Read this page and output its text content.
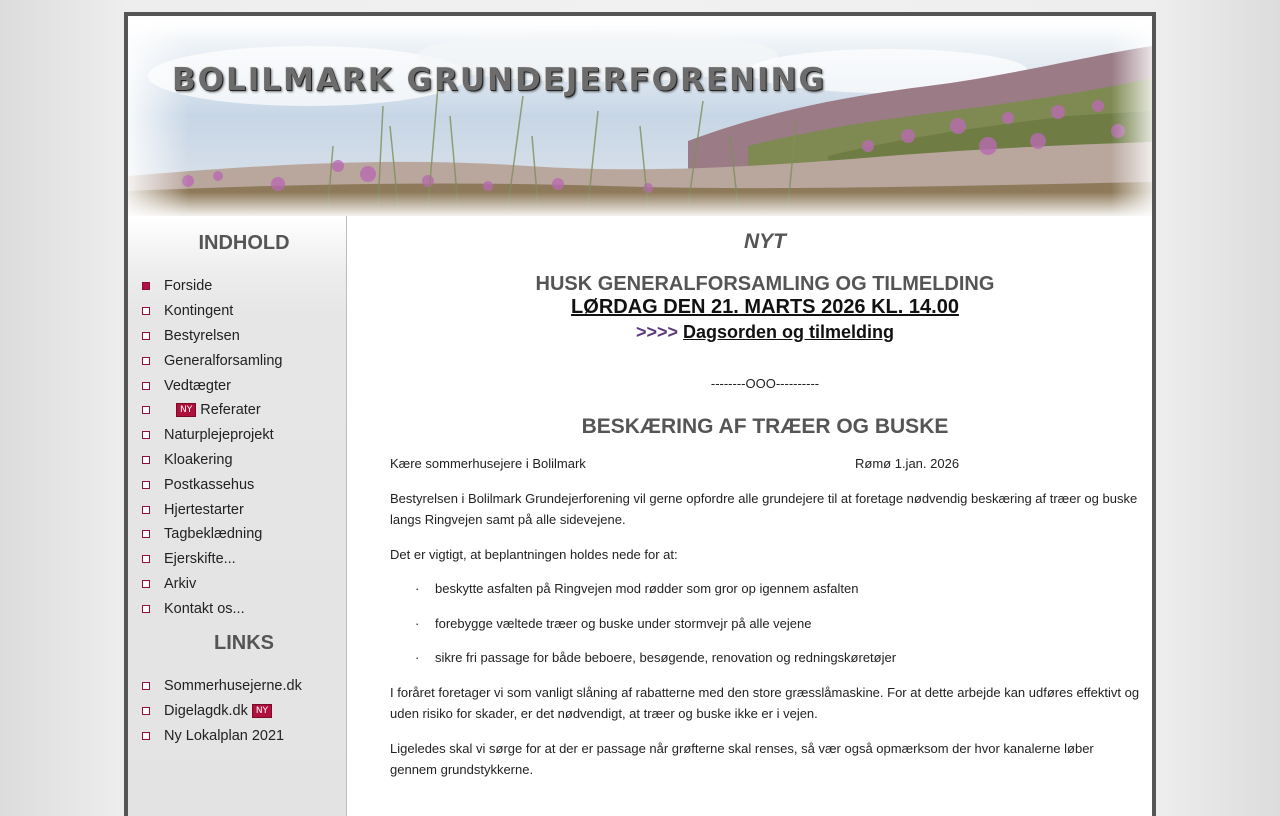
BOLILMARK GRUNDEJERFORENING
INDHOLD
Forside
Kontingent
Bestyrelsen
Generalforsamling
Vedtægter
NY Referater
Naturplejeprojekt
Kloakering
Postkassehus
Hjertestarter
Tagbeklædning
Ejerskifte...
Arkiv
Kontakt os...
LINKS
Sommerhusejerne.dk
Digelagdk.dk NY
Ny Lokalplan 2021
NYT
HUSK GENERALFORSAMLING OG TILMELDING
LØRDAG DEN 21. MARTS 2026 KL. 14.00
>>>> Dagsorden og tilmelding
--------OOO----------
BESKÆRING AF TRÆER OG BUSKE
Kære sommerhusejere i Bolilmark	Rømø 1.jan. 2026

Bestyrelsen i Bolilmark Grundejerforening vil gerne opfordre alle grundejere til at foretage nødvendig beskæring af træer og buske langs Ringvejen samt på alle sidevejene.

Det er vigtigt, at beplantningen holdes nede for at:

·	beskytte asfalten på Ringvejen mod rødder som gror op igennem asfalten
·	forebygge væltede træer og buske under stormvejr på alle vejene
·	sikre fri passage for både beboere, besøgende, renovation og redningskøretøjer

I foråret foretager vi som vanligt slåning af rabatterne med den store græsslåmaskine. For at dette arbejde kan udføres effektivt og uden risiko for skader, er det nødvendigt, at træer og buske ikke er i vejen.

Ligeledes skal vi sørge for at der er passage når grøfterne skal renses, så vær også opmærksom der hvor kanalerne løber gennem grundstykkerne.
